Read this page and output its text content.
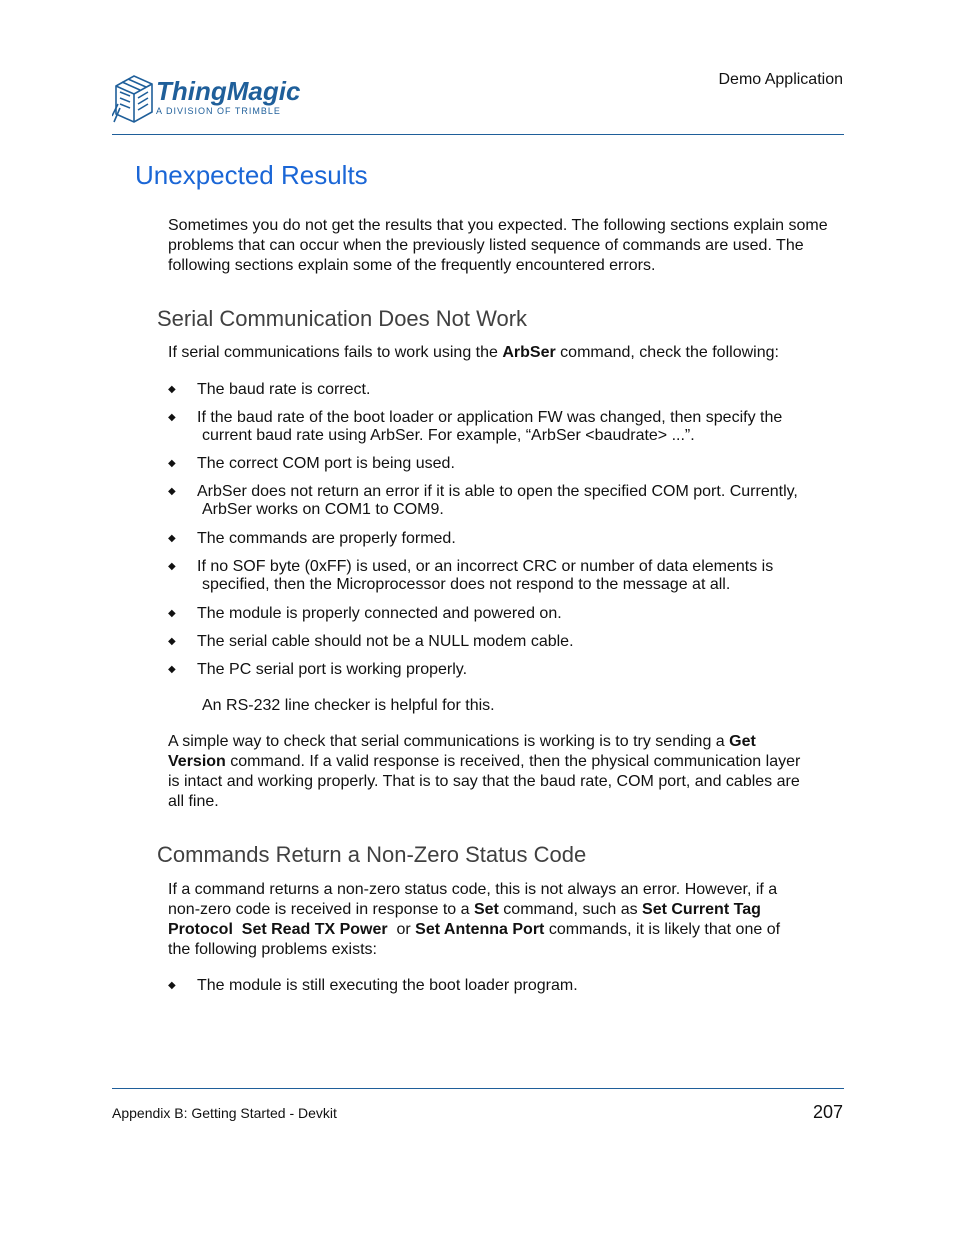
ThingMagic
A DIVISION OF TRIMBLE
Demo Application
Unexpected Results

Sometimes you do not get the results that you expected. The following sections explain some problems that can occur when the previously listed sequence of commands are used. The following sections explain some of the frequently encountered errors.

Serial Communication Does Not Work

If serial communications fails to work using the ArbSer command, check the following:

◆ The baud rate is correct.
◆ If the baud rate of the boot loader or application FW was changed, then specify the
current baud rate using ArbSer. For example, “ArbSer <baudrate> ...”.
◆ The correct COM port is being used.
◆ ArbSer does not return an error if it is able to open the specified COM port. Currently,
ArbSer works on COM1 to COM9.
◆ The commands are properly formed.
◆ If no SOF byte (0xFF) is used, or an incorrect CRC or number of data elements is
specified, then the Microprocessor does not respond to the message at all.
◆ The module is properly connected and powered on.
◆ The serial cable should not be a NULL modem cable.
◆ The PC serial port is working properly.

An RS-232 line checker is helpful for this.

A simple way to check that serial communications is working is to try sending a Get
Version command. If a valid response is received, then the physical communication layer
is intact and working properly. That is to say that the baud rate, COM port, and cables are
all fine.
Commands Return a Non-Zero Status Code
If a command returns a non-zero status code, this is not always an error. However, if a
non-zero code is received in response to a Set command, such as Set Current Tag
Protocol  Set Read TX Power  or Set Antenna Port commands, it is likely that one of
the following problems exists:
◆ The module is still executing the boot loader program.
Appendix B: Getting Started - Devkit	207
